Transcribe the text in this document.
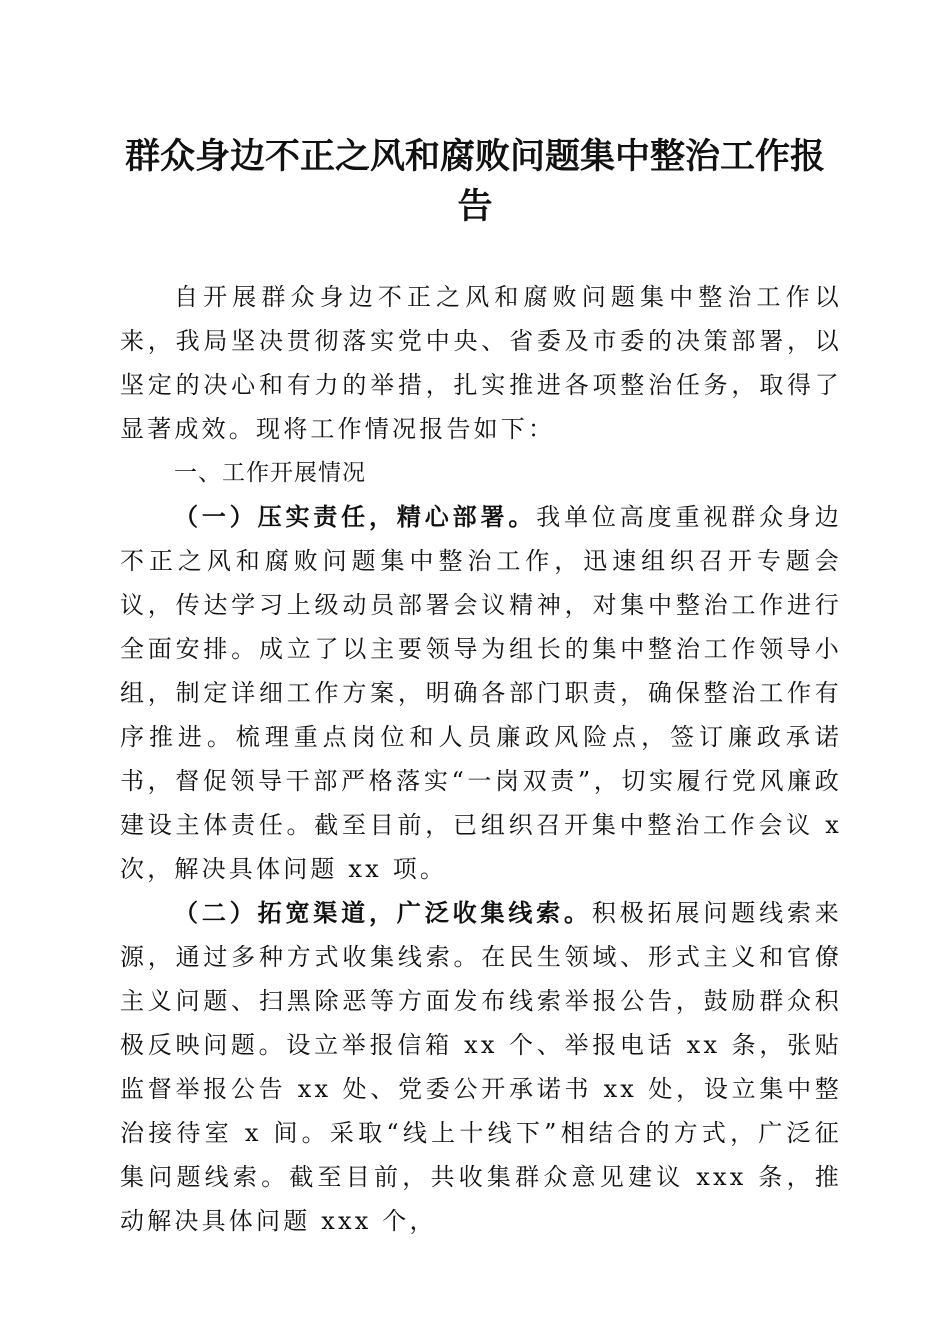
群众身边不正之风和腐败问题集中整治工作报告

自开展群众身边不正之风和腐败问题集中整治工作以来，我局坚决贯彻落实党中央、省委及市委的决策部署，以坚定的决心和有力的举措，扎实推进各项整治任务，取得了显著成效。现将工作情况报告如下：

一、工作开展情况

（一）压实责任，精心部署。我单位高度重视群众身边不正之风和腐败问题集中整治工作，迅速组织召开专题会议，传达学习上级动员部署会议精神，对集中整治工作进行全面安排。成立了以主要领导为组长的集中整治工作领导小组，制定详细工作方案，明确各部门职责，确保整治工作有序推进。梳理重点岗位和人员廉政风险点，签订廉政承诺书，督促领导干部严格落实“一岗双责”，切实履行党风廉政建设主体责任。截至目前，已组织召开集中整治工作会议 x 次，解决具体问题 xx 项。

（二）拓宽渠道，广泛收集线索。积极拓展问题线索来源，通过多种方式收集线索。在民生领域、形式主义和官僚主义问题、扫黑除恶等方面发布线索举报公告，鼓励群众积极反映问题。设立举报信箱 xx 个、举报电话 xx 条，张贴监督举报公告 xx 处、党委公开承诺书 xx 处，设立集中整治接待室 x 间。采取“线上十线下”相结合的方式，广泛征集问题线索。截至目前，共收集群众意见建议 xxx 条，推动解决具体问题 xxx 个，
